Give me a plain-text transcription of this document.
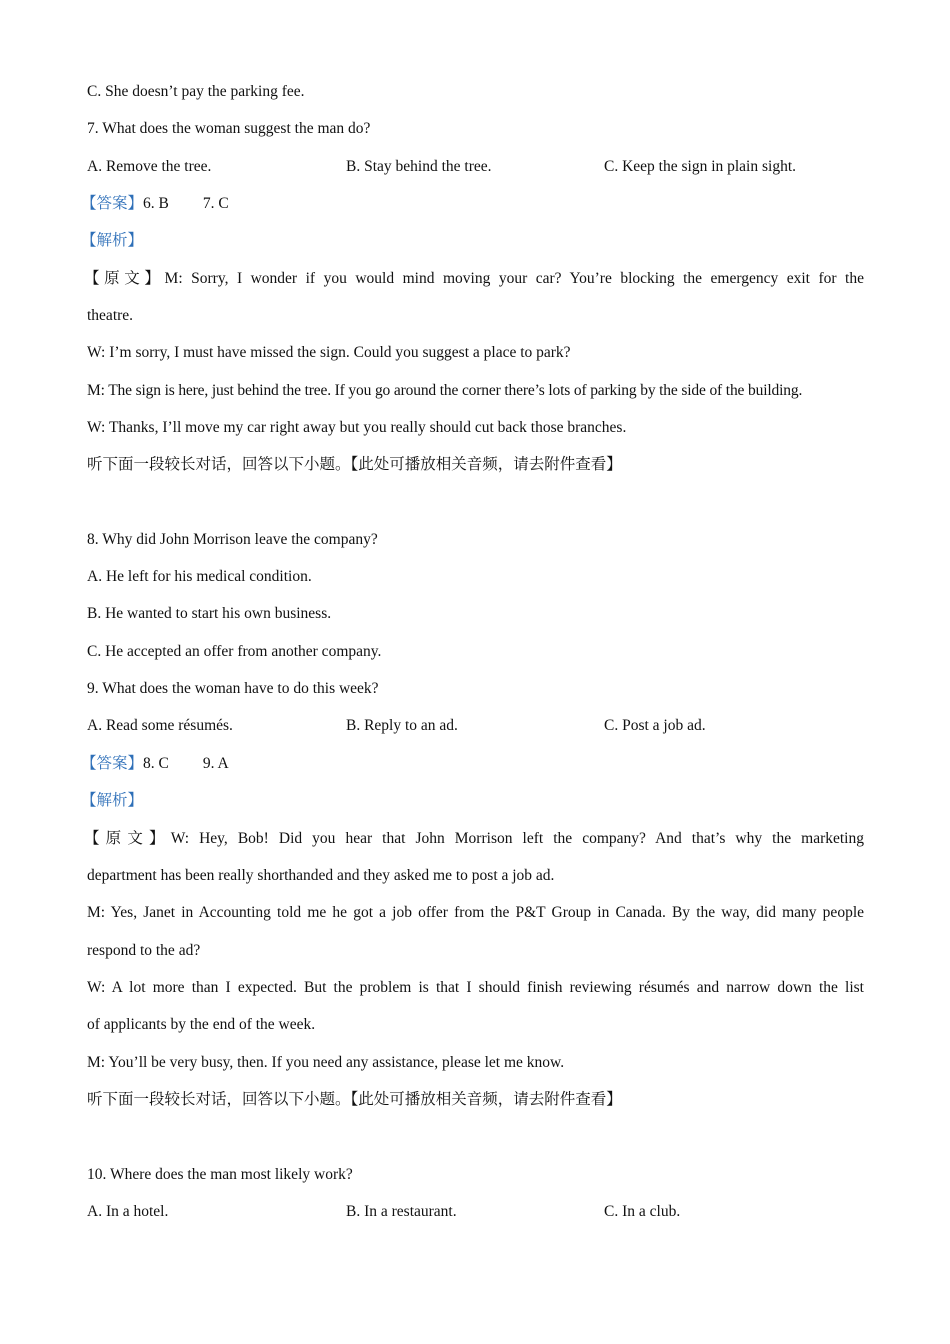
C. She doesn’t pay the parking fee.
7. What does the woman suggest the man do?
A. Remove the tree.	B. Stay behind the tree.	C. Keep the sign in plain sight.
【答案】6. B 7. C
【解析】
【原文】M: Sorry, I wonder if you would mind moving your car? You’re blocking the emergency exit for the
theatre.
W: I’m sorry, I must have missed the sign. Could you suggest a place to park?
M: The sign is here, just behind the tree. If you go around the corner there’s lots of parking by the side of the building.
W: Thanks, I’ll move my car right away but you really should cut back those branches.
听下面一段较长对话，回答以下小题。【此处可播放相关音频，请去附件查看】
8. Why did John Morrison leave the company?
A. He left for his medical condition.
B. He wanted to start his own business.
C. He accepted an offer from another company.
9. What does the woman have to do this week?
A. Read some résumés.	B. Reply to an ad.	C. Post a job ad.
【答案】8. C 9. A
【解析】
【原文】W: Hey, Bob! Did you hear that John Morrison left the company? And that’s why the marketing
department has been really shorthanded and they asked me to post a job ad.
M: Yes, Janet in Accounting told me he got a job offer from the P&T Group in Canada. By the way, did many people
respond to the ad?
W: A lot more than I expected. But the problem is that I should finish reviewing résumés and narrow down the list
of applicants by the end of the week.
M: You’ll be very busy, then. If you need any assistance, please let me know.
听下面一段较长对话，回答以下小题。【此处可播放相关音频，请去附件查看】
10. Where does the man most likely work?
A. In a hotel.	B. In a restaurant.	C. In a club.
